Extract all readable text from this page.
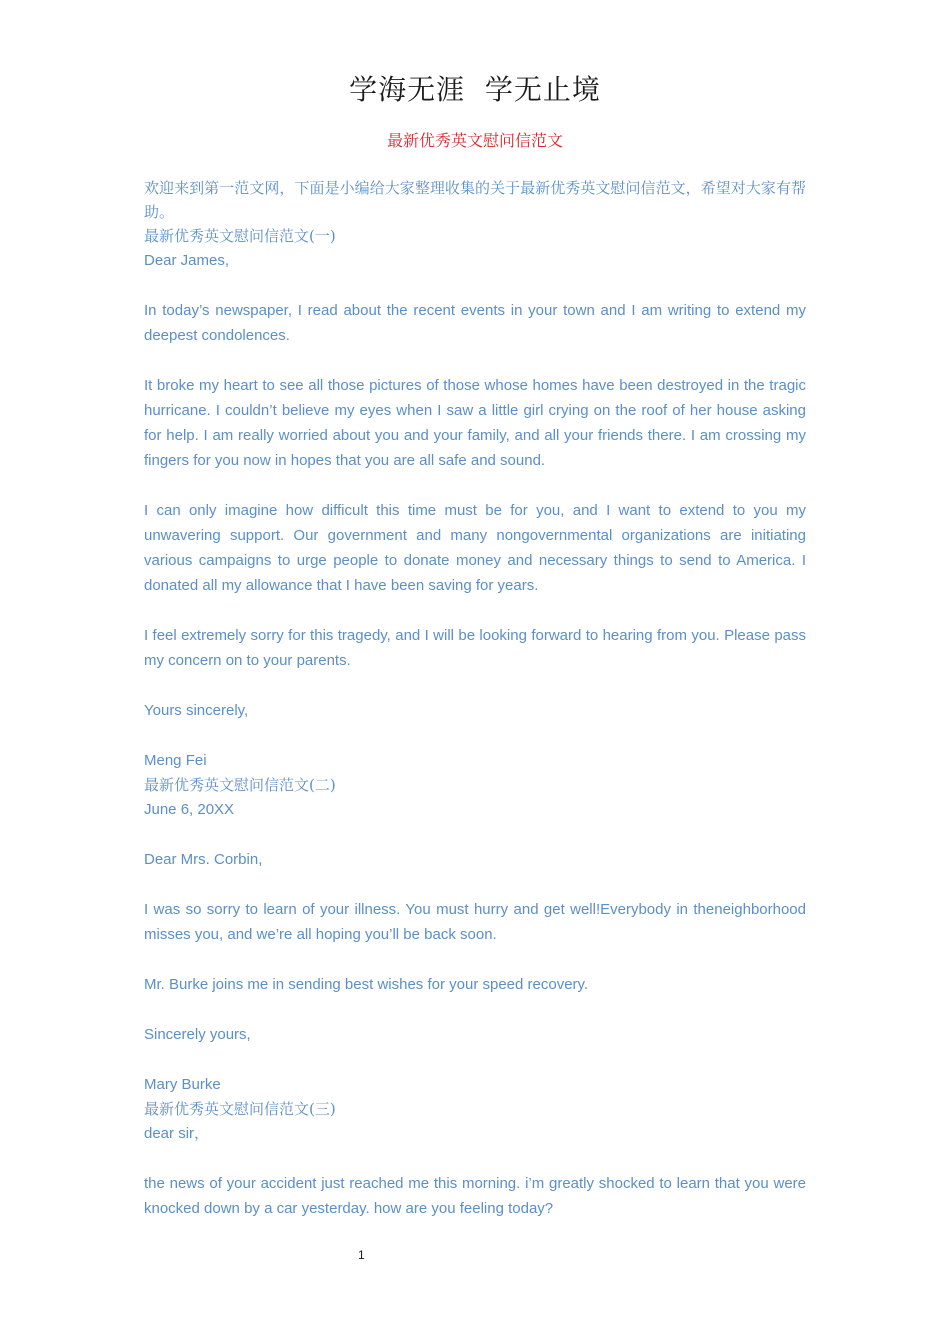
学海无涯  学无止境
最新优秀英文慰问信范文

欢迎来到第一范文网，下面是小编给大家整理收集的关于最新优秀英文慰问信范文，希望对大家有帮助。

最新优秀英文慰问信范文(一)

Dear James,

In today’s newspaper, I read about the recent events in your town and I am writing to extend my deepest condolences.

It broke my heart to see all those pictures of those whose homes have been destroyed in the tragic hurricane. I couldn’t believe my eyes when I saw a little girl crying on the roof of her house asking for help. I am really worried about you and your family, and all your friends there. I am crossing my fingers for you now in hopes that you are all safe and sound.

I can only imagine how difficult this time must be for you, and I want to extend to you my unwavering support. Our government and many nongovernmental organizations are initiating various campaigns to urge people to donate money and necessary things to send to America. I donated all my allowance that I have been saving for years.

I feel extremely sorry for this tragedy, and I will be looking forward to hearing from you. Please pass my concern on to your parents.

Yours sincerely,

Meng Fei

最新优秀英文慰问信范文(二)

June 6, 20XX

Dear Mrs. Corbin,

I was so sorry to learn of your illness. You must hurry and get well!Everybody in theneighborhood misses you, and we’re all hoping you’ll be back soon.

Mr. Burke joins me in sending best wishes for your speed recovery.

Sincerely yours,

Mary Burke

最新优秀英文慰问信范文(三)

dear sir，

the news of your accident just reached me this morning. i’m greatly shocked to learn that you were knocked down by a car yesterday. how are you feeling today?

1
